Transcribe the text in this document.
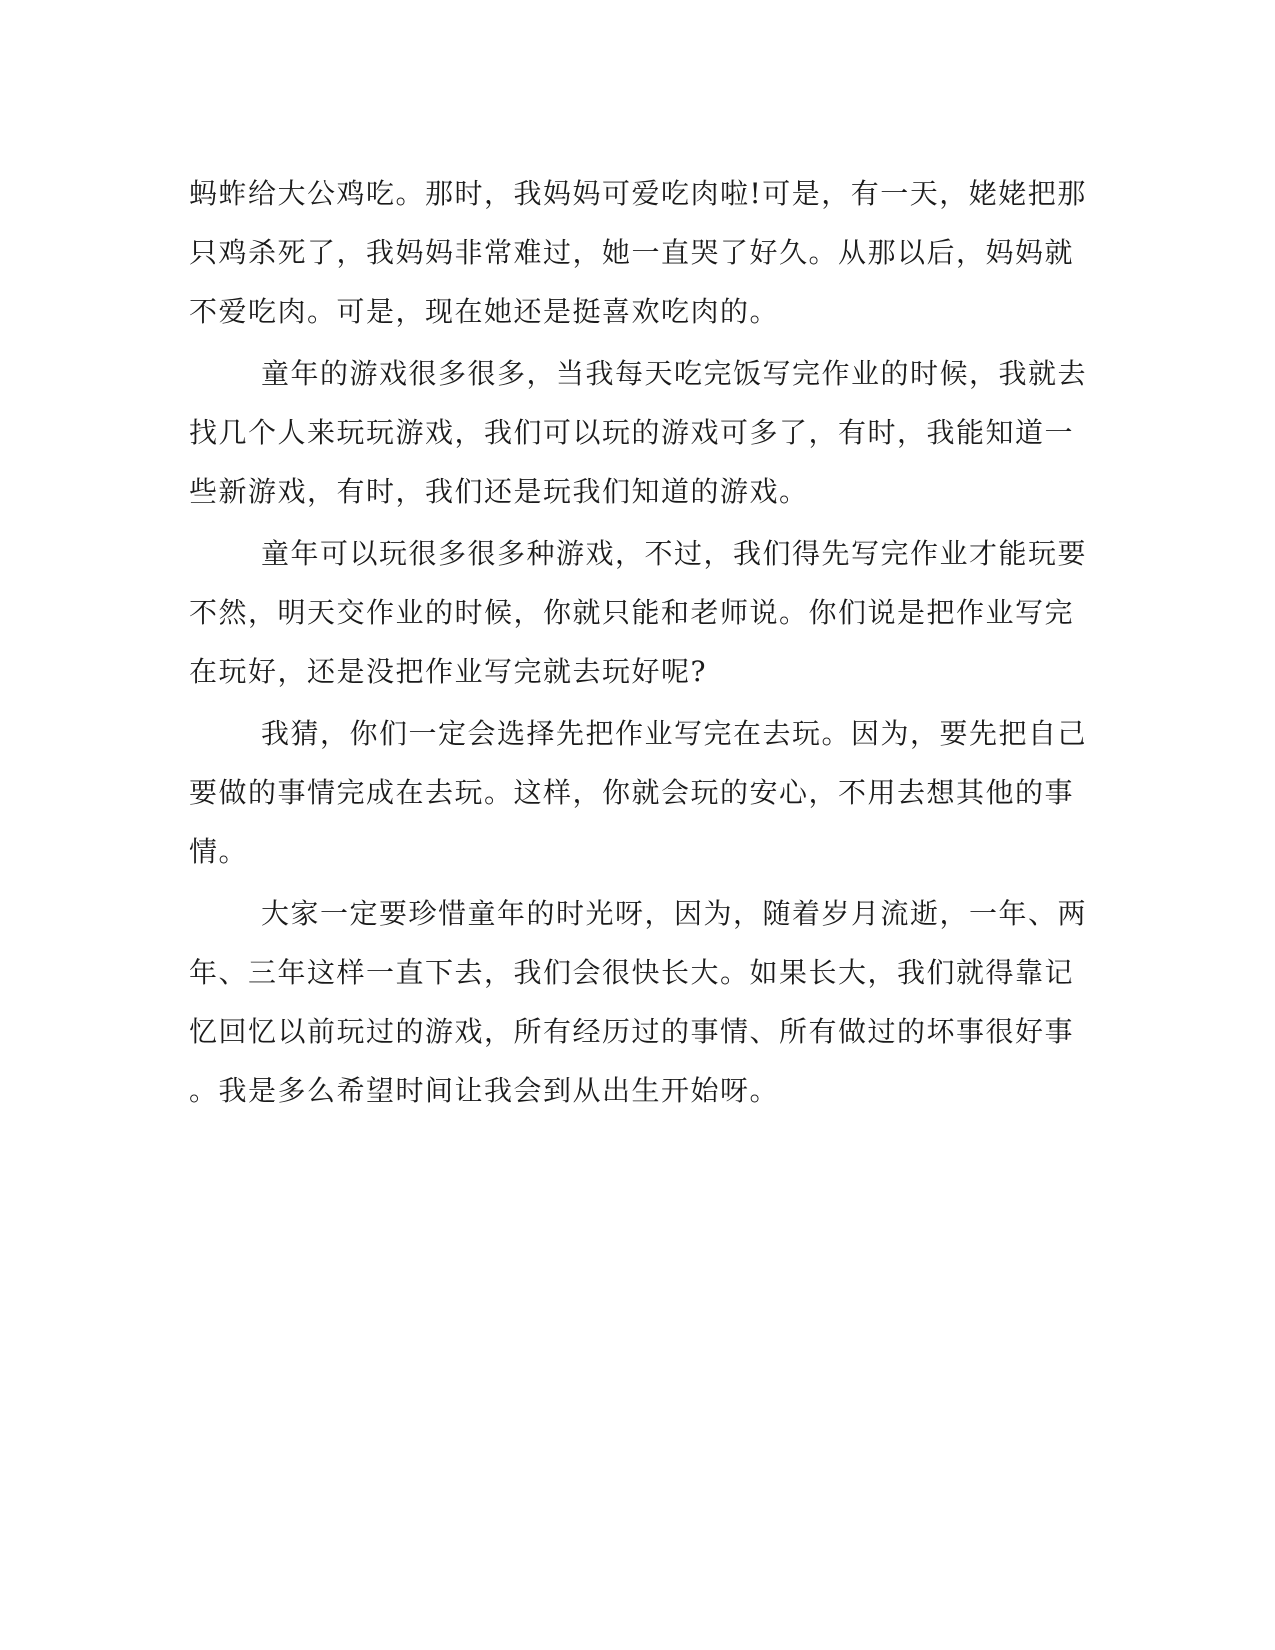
蚂蚱给大公鸡吃。那时，我妈妈可爱吃肉啦!可是，有一天，姥姥把那
只鸡杀死了，我妈妈非常难过，她一直哭了好久。从那以后，妈妈就
不爱吃肉。可是，现在她还是挺喜欢吃肉的。
童年的游戏很多很多，当我每天吃完饭写完作业的时候，我就去
找几个人来玩玩游戏，我们可以玩的游戏可多了，有时，我能知道一
些新游戏，有时，我们还是玩我们知道的游戏。
童年可以玩很多很多种游戏，不过，我们得先写完作业才能玩要
不然，明天交作业的时候，你就只能和老师说。你们说是把作业写完
在玩好，还是没把作业写完就去玩好呢?
我猜，你们一定会选择先把作业写完在去玩。因为，要先把自己
要做的事情完成在去玩。这样，你就会玩的安心，不用去想其他的事
情。
大家一定要珍惜童年的时光呀，因为，随着岁月流逝，一年、两
年、三年这样一直下去，我们会很快长大。如果长大，我们就得靠记
忆回忆以前玩过的游戏，所有经历过的事情、所有做过的坏事很好事
。我是多么希望时间让我会到从出生开始呀。
